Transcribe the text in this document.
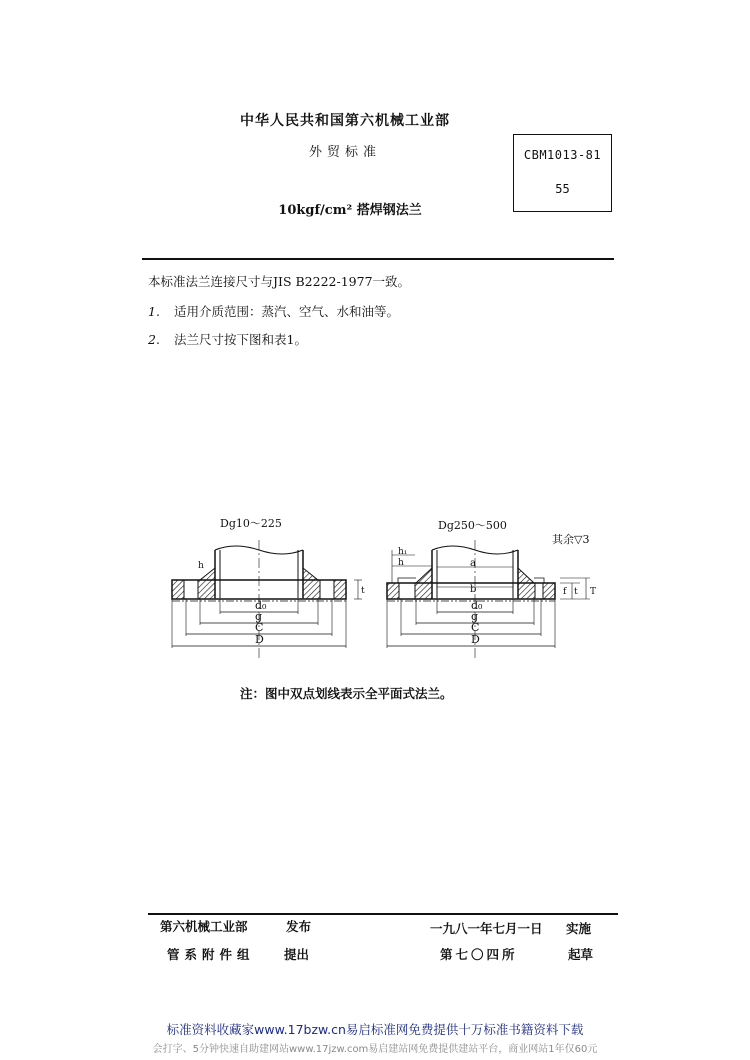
中华人民共和国第六机械工业部
外贸标准	CBM1013-81
55
10kgf/cm² 搭焊钢法兰
本标准法兰连接尺寸与JIS B2222-1977一致。
1. 适用介质范围：蒸汽、空气、水和油等。
2. 法兰尺寸按下图和表1。
Dg10～225	Dg250～500
其余▽3
d₀
g
C
D
h
t
h₁
h	a
b
d₀
g
C
D
f t T
注：图中双点划线表示全平面式法兰。
第六机械工业部	发布	一九八一年七月一日 实施
管系附件组 提出	第七〇四所	起草
标准资料收藏家www.17bzw.cn易启标准网免费提供十万标准书籍资料下载
会打字、5分钟快速自助建网站www.17jzw.com易启建站网免费提供建站平台，商业网站1年仅60元
